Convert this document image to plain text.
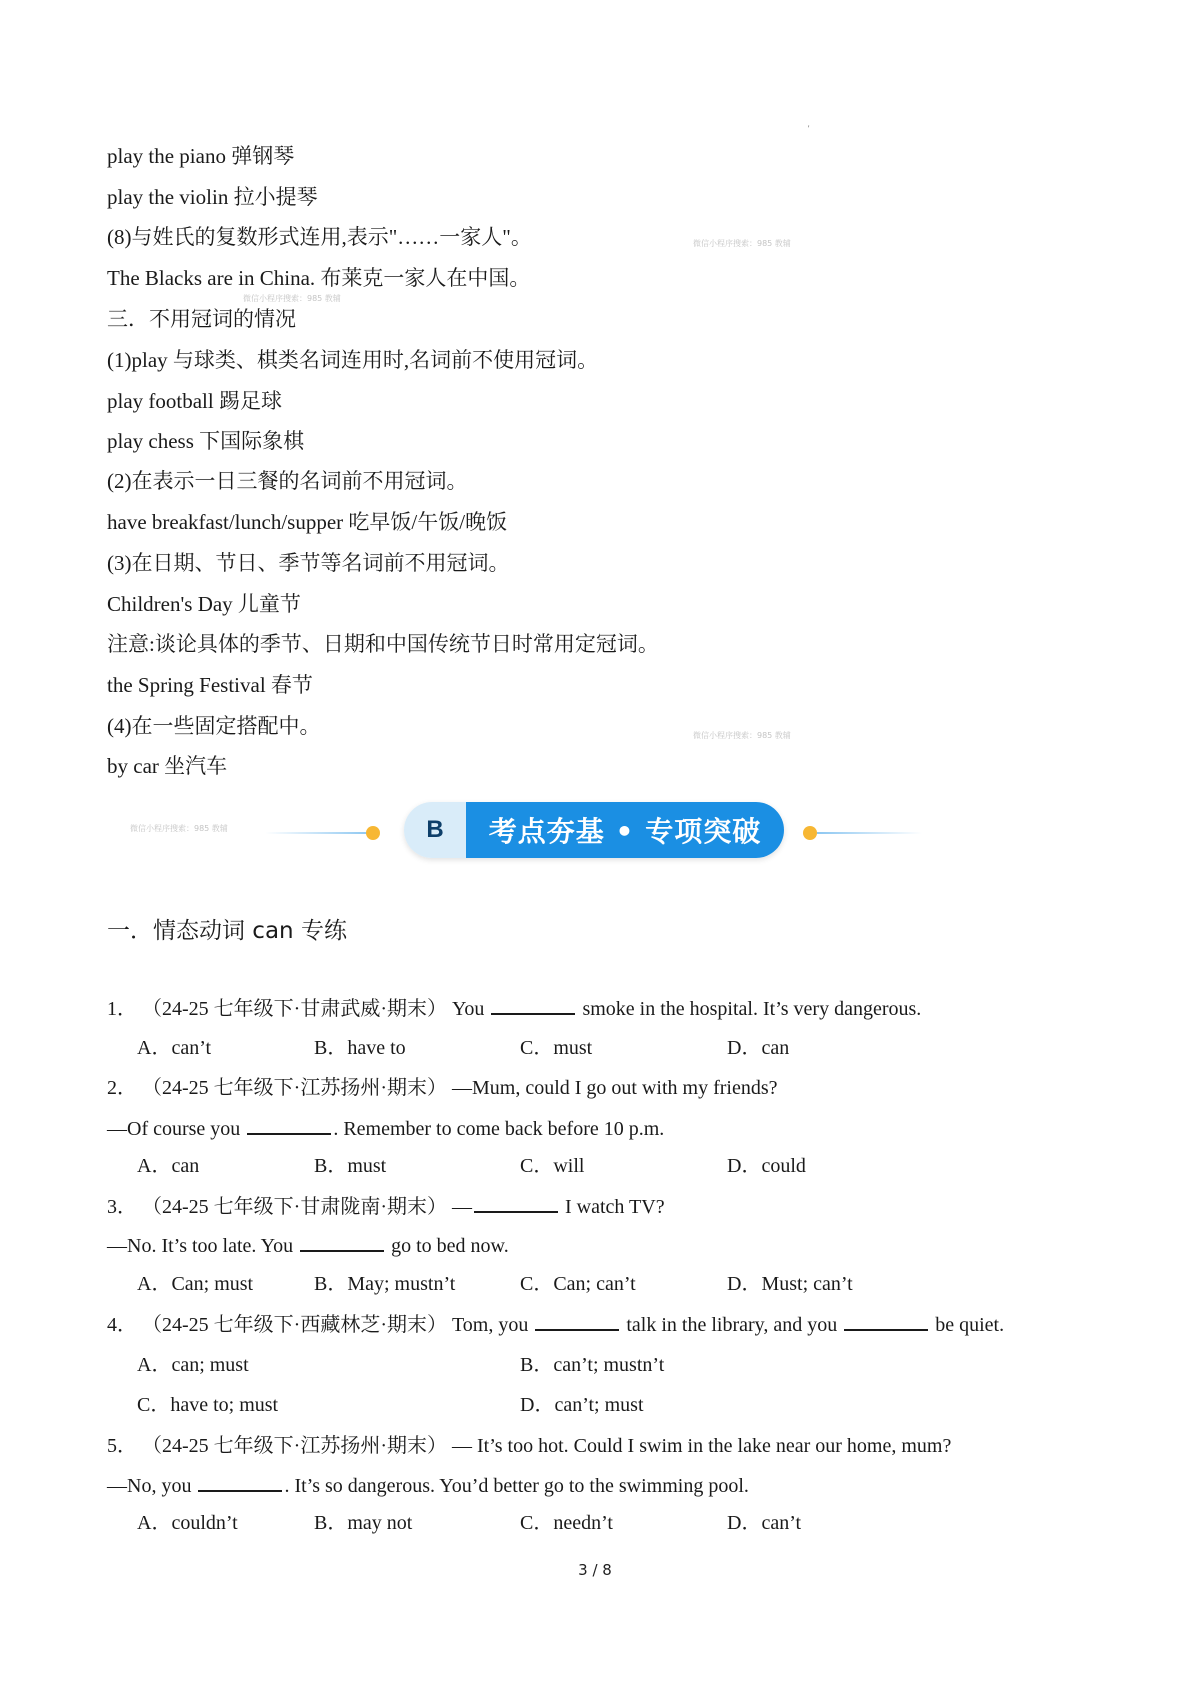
'
play the piano 弹钢琴
play the violin 拉小提琴
(8)与姓氏的复数形式连用,表示"……一家人"。
The Blacks are in China. 布莱克一家人在中国。
三．不用冠词的情况
(1)play 与球类、棋类名词连用时,名词前不使用冠词。
play football 踢足球
play chess 下国际象棋
(2)在表示一日三餐的名词前不用冠词。
have breakfast/lunch/supper 吃早饭/午饭/晚饭
(3)在日期、节日、季节等名词前不用冠词。
Children's Day 儿童节
注意:谈论具体的季节、日期和中国传统节日时常用定冠词。
the Spring Festival 春节
(4)在一些固定搭配中。
by car 坐汽车
微信小程序搜索：985 教辅
微信小程序搜索：985 教辅
微信小程序搜索：985 教辅
微信小程序搜索：985 教辅	B	考点夯基 • 专项突破
一．情态动词 can 专练
1． （24-25 七年级下·甘肃武威·期末） You	smoke in the hospital. It’s very dangerous.
A．can’t	B．have to	C．must	D．can
2． （24-25 七年级下·江苏扬州·期末） —Mum, could I go out with my friends?
—Of course you	. Remember to come back before 10 p.m.
A．can	B．must	C．will	D．could
3． （24-25 七年级下·甘肃陇南·期末） —	I watch TV?
—No. It’s too late. You	go to bed now.
A．Can; must	B．May; mustn’t	C．Can; can’t	D．Must; can’t
4． （24-25 七年级下·西藏林芝·期末） Tom, you	talk in the library, and you	be quiet.
A．can; must	B．can’t; mustn’t
C．have to; must	D．can’t; must
5． （24-25 七年级下·江苏扬州·期末） — It’s too hot. Could I swim in the lake near our home, mum?
—No, you	. It’s so dangerous. You’d better go to the swimming pool.
A．couldn’t	B．may not	C．needn’t	D．can’t
3 / 8
